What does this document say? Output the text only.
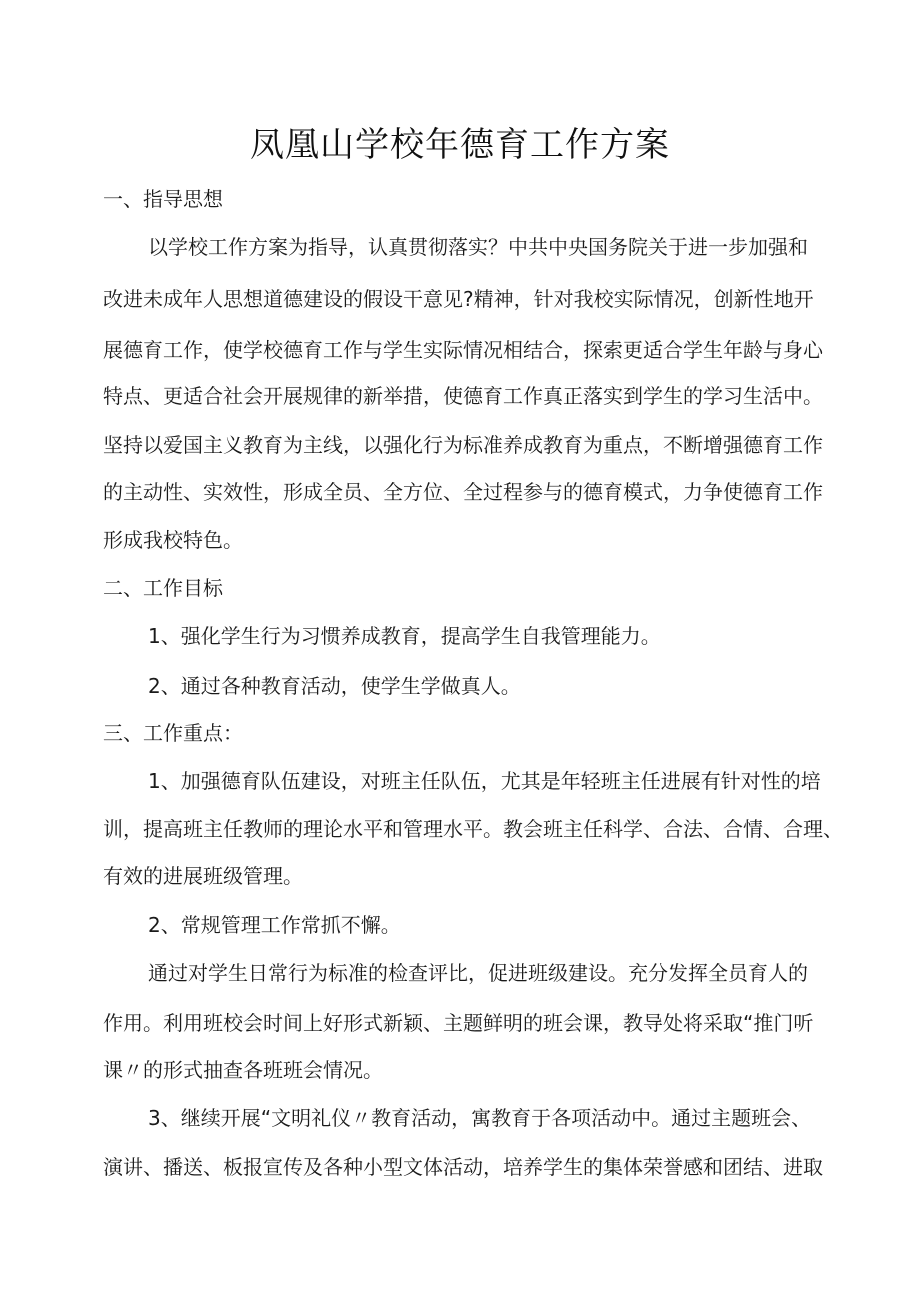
凤凰山学校年德育工作方案
一、指导思想
以学校工作方案为指导，认真贯彻落实？中共中央国务院关于进一步加强和
改进未成年人思想道德建设的假设干意见?精神，针对我校实际情况，创新性地开
展德育工作，使学校德育工作与学生实际情况相结合，探索更适合学生年龄与身心
特点、更适合社会开展规律的新举措，使德育工作真正落实到学生的学习生活中。
坚持以爱国主义教育为主线，以强化行为标准养成教育为重点，不断增强德育工作
的主动性、实效性，形成全员、全方位、全过程参与的德育模式，力争使德育工作
形成我校特色。
二、工作目标
1、强化学生行为习惯养成教育，提高学生自我管理能力。
2、通过各种教育活动，使学生学做真人。
三、工作重点：
1、加强德育队伍建设，对班主任队伍，尤其是年轻班主任进展有针对性的培
训，提高班主任教师的理论水平和管理水平。教会班主任科学、合法、合情、合理、
有效的进展班级管理。
2、常规管理工作常抓不懈。
通过对学生日常行为标准的检查评比，促进班级建设。充分发挥全员育人的
作用。利用班校会时间上好形式新颖、主题鲜明的班会课，教导处将采取“推门听
课〃的形式抽查各班班会情况。
3、继续开展“文明礼仪〃教育活动，寓教育于各项活动中。通过主题班会、
演讲、播送、板报宣传及各种小型文体活动，培养学生的集体荣誉感和团结、进取
